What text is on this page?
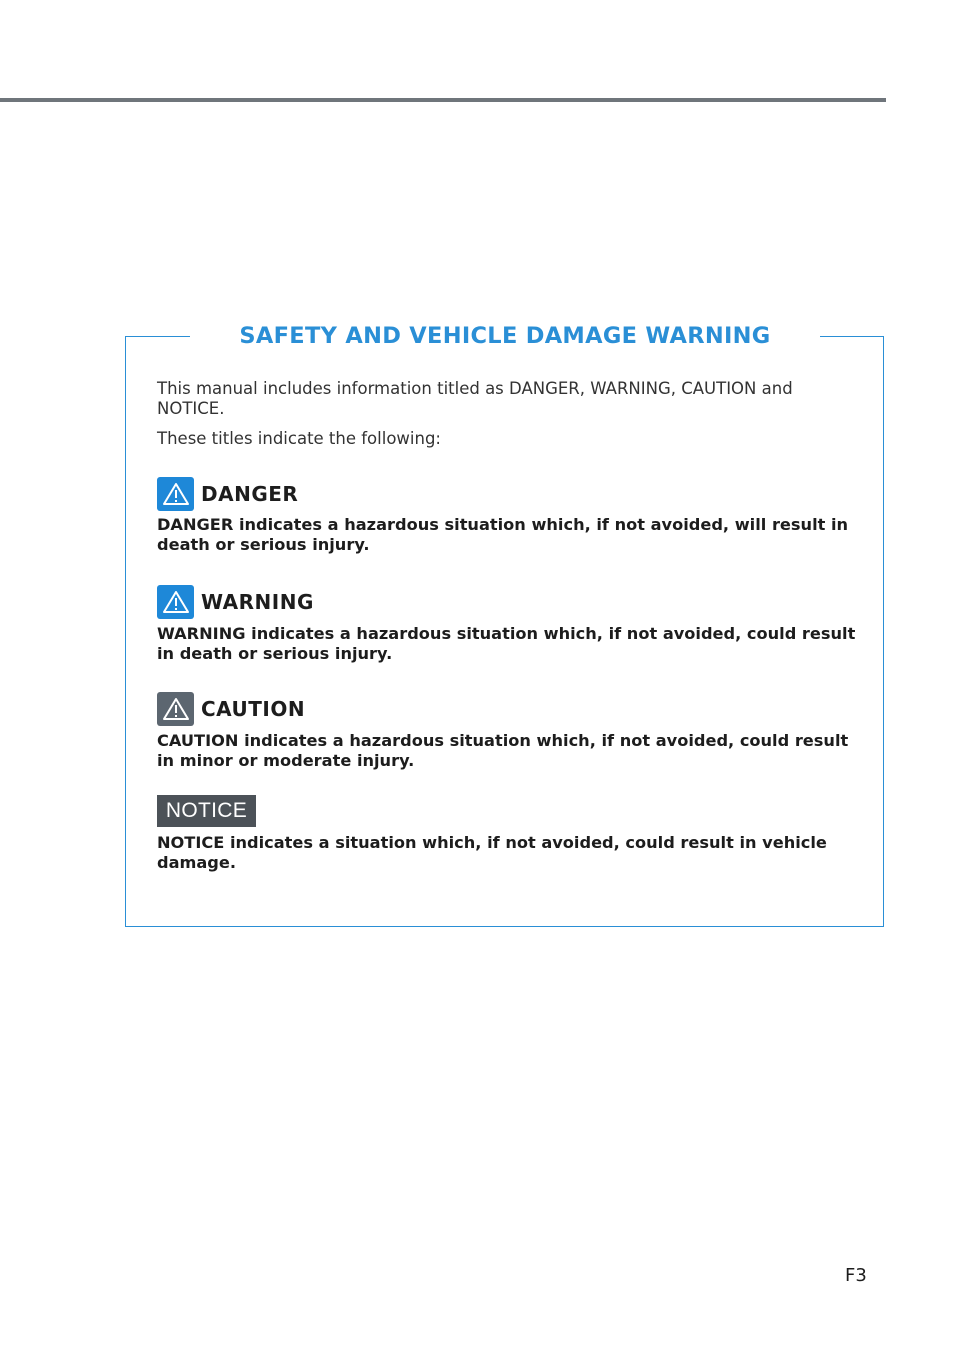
SAFETY AND VEHICLE DAMAGE WARNING
This manual includes information titled as DANGER, WARNING, CAUTION and NOTICE.
These titles indicate the following:
DANGER
DANGER indicates a hazardous situation which, if not avoided, will result in death or serious injury.
WARNING
WARNING indicates a hazardous situation which, if not avoided, could result in death or serious injury.
CAUTION
CAUTION indicates a hazardous situation which, if not avoided, could result in minor or moderate injury.
NOTICE
NOTICE indicates a situation which, if not avoided, could result in vehicle damage.
F3
